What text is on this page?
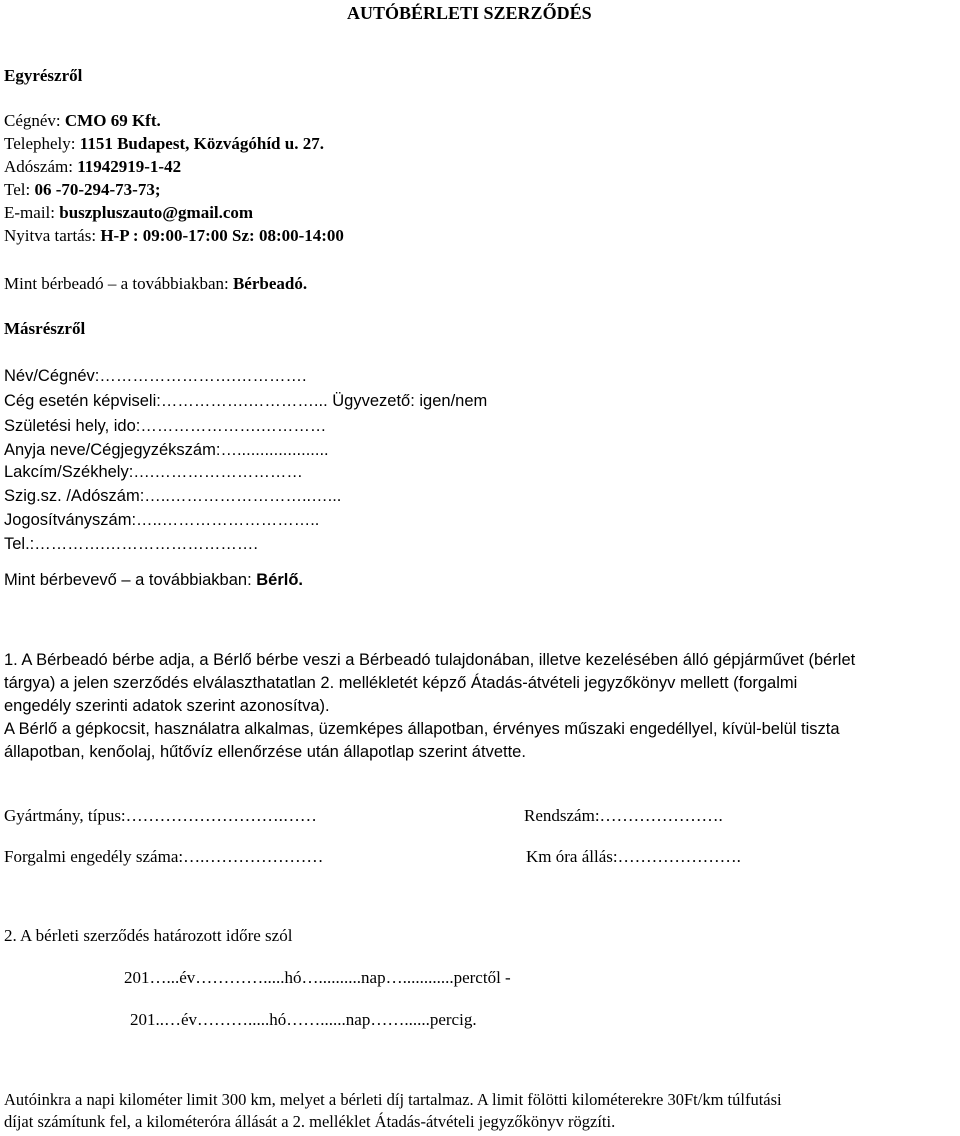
AUTÓBÉRLETI SZERZŐDÉS
Egyrészről
Cégnév: CMO 69 Kft.
Telephely: 1151 Budapest, Közvágóhíd u. 27.
Adószám: 11942919-1-42
Tel: 06 -70-294-73-73;
E-mail: buszpluszauto@gmail.com
Nyitva tartás: H-P : 09:00-17:00 Sz: 08:00-14:00
Mint bérbeadó – a továbbiakban: Bérbeadó.
Másrészről
Név/Cégnév:…………………….………….
Cég esetén képviseli:…………….…………... Ügyvezető: igen/nem
Születési hely, ido:………………….…………
Anyja neve/Cégjegyzékszám:…....................
Lakcím/Székhely:….………………………
Szig.sz. /Adószám:…..……………………..…...
Jogosítványszám:…..………………………..
Tel.:………….……………………….
Mint bérbevevő – a továbbiakban: Bérlő.
1. A Bérbeadó bérbe adja, a Bérlő bérbe veszi a Bérbeadó tulajdonában, illetve kezelésében álló gépjárművet (bérlet
tárgya) a jelen szerződés elválaszthatatlan 2. mellékletét képző Átadás-átvételi jegyzőkönyv mellett (forgalmi
engedély szerinti adatok szerint azonosítva).
A Bérlő a gépkocsit, használatra alkalmas, üzemképes állapotban, érvényes műszaki engedéllyel, kívül-belül tiszta
állapotban, kenőolaj, hűtővíz ellenőrzése után állapotlap szerint átvette.
Gyártmány, típus:……………………….……	Rendszám:………………….
Forgalmi engedély száma:….…………………	Km óra állás:………………….
2. A bérleti szerződés határozott időre szól
201…...év………….....hó…..........nap…............perctől -
201..…év……….....hó……......nap……......percig.
Autóinkra a napi kilométer limit 300 km, melyet a bérleti díj tartalmaz. A limit fölötti kilométerekre 30Ft/km túlfutási
díjat számítunk fel, a kilométeróra állását a 2. melléklet Átadás-átvételi jegyzőkönyv rögzíti.
